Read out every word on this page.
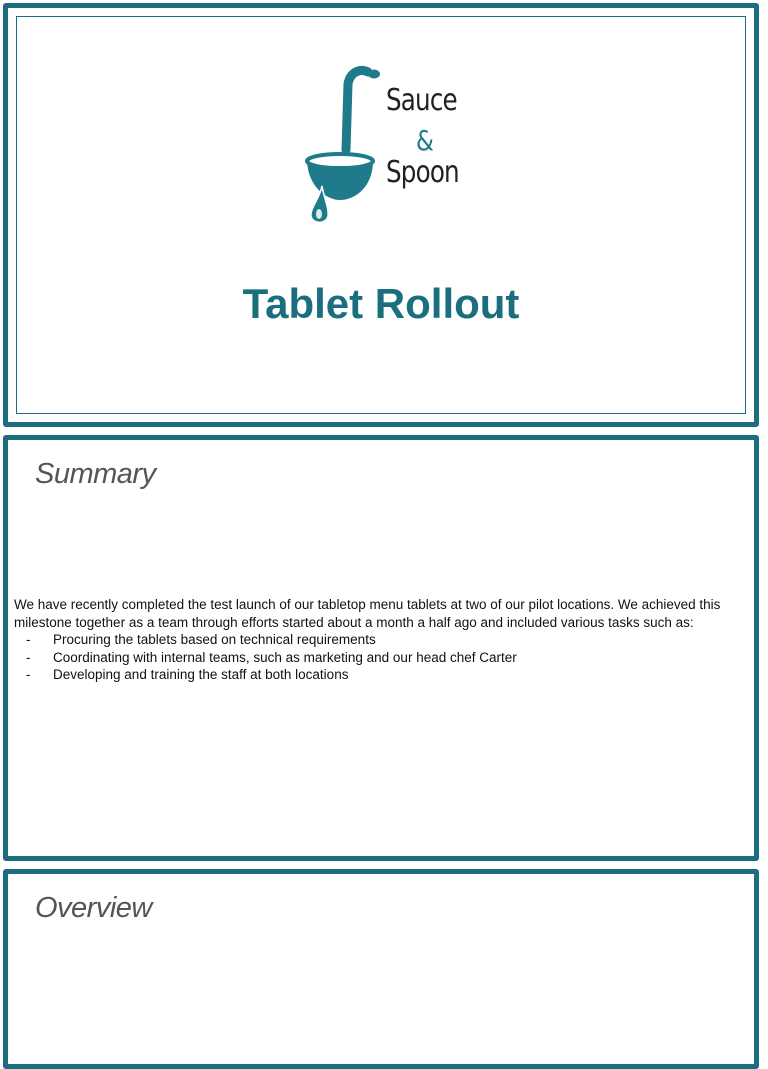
Sauce
&
Spoon
Tablet Rollout
Summary
We have recently completed the test launch of our tabletop menu tablets at two of our pilot locations. We achieved this milestone together as a team through efforts started about a month a half ago and included various tasks such as:
- Procuring the tablets based on technical requirements
- Coordinating with internal teams, such as marketing and our head chef Carter
- Developing and training the staff at both locations
Overview
